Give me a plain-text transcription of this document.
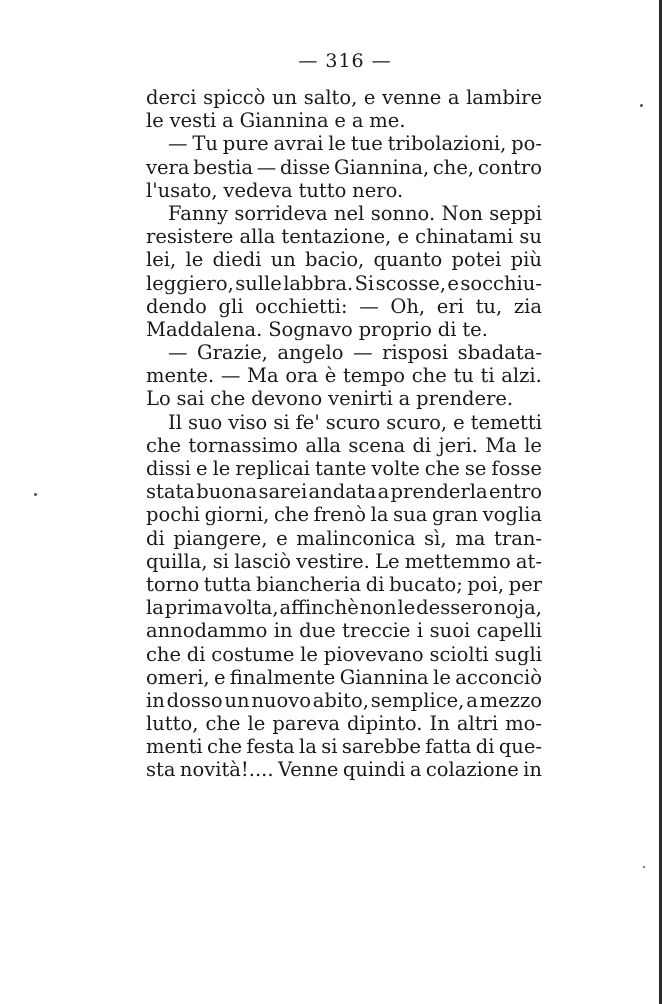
— 316 —
derci spiccò un salto, e venne a lambire
le vesti a Giannina e a me.
— Tu pure avrai le tue tribolazioni, po-
vera bestia — disse Giannina, che, contro
l'usato, vedeva tutto nero.
Fanny sorrideva nel sonno. Non seppi
resistere alla tentazione, e chinatami su
lei, le diedi un bacio, quanto potei più
leggiero, sulle labbra. Si scosse, e socchiu-
dendo gli occhietti: — Oh, eri tu, zia
Maddalena. Sognavo proprio di te.
— Grazie, angelo — risposi sbadata-
mente. — Ma ora è tempo che tu ti alzi.
Lo sai che devono venirti a prendere.
Il suo viso si fe' scuro scuro, e temetti
che tornassimo alla scena di jeri. Ma le
dissi e le replicai tante volte che se fosse
stata buona sarei andata a prenderla entro
pochi giorni, che frenò la sua gran voglia
di piangere, e malinconica sì, ma tran-
quilla, si lasciò vestire. Le mettemmo at-
torno tutta biancheria di bucato; poi, per
la prima volta, affinchè non le dessero noja,
annodammo in due treccie i suoi capelli
che di costume le piovevano sciolti sugli
omeri, e finalmente Giannina le acconciò
in dosso un nuovo abito, semplice, a mezzo
lutto, che le pareva dipinto. In altri mo-
menti che festa la si sarebbe fatta di que-
sta novità!.... Venne quindi a colazione in
